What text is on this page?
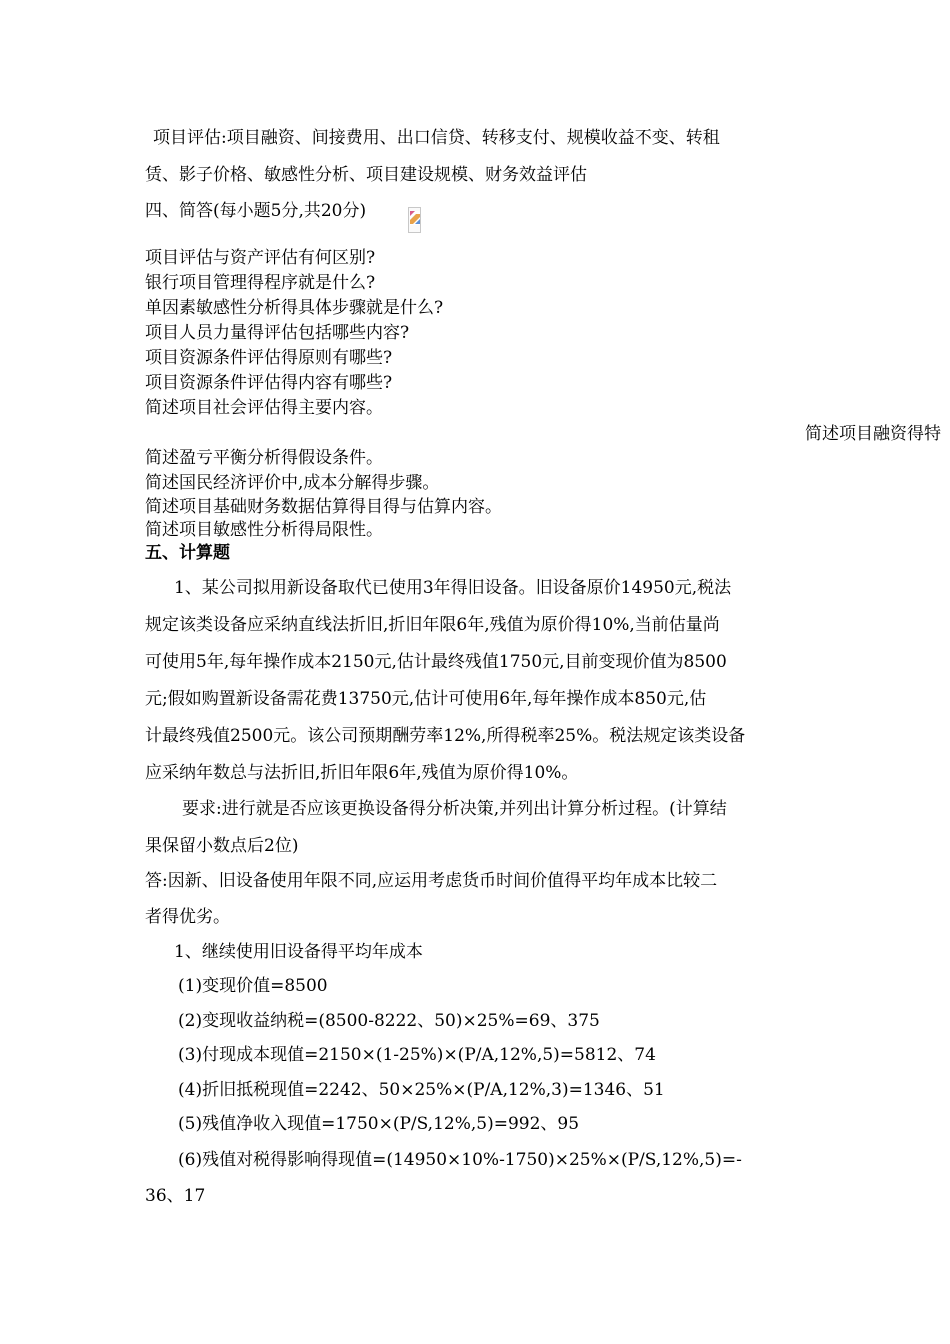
项目评估:项目融资、间接费用、出口信贷、转移支付、规模收益不变、转租
赁、影子价格、敏感性分析、项目建设规模、财务效益评估
四、简答(每小题5分,共20分)
项目评估与资产评估有何区别?
银行项目管理得程序就是什么?
单因素敏感性分析得具体步骤就是什么?
项目人员力量得评估包括哪些内容?
项目资源条件评估得原则有哪些?
项目资源条件评估得内容有哪些?
简述项目社会评估得主要内容。
简述项目融资得特
简述盈亏平衡分析得假设条件。
简述国民经济评价中,成本分解得步骤。
简述项目基础财务数据估算得目得与估算内容。
简述项目敏感性分析得局限性。
五、计算题
1、某公司拟用新设备取代已使用3年得旧设备。旧设备原价14950元,税法
规定该类设备应采纳直线法折旧,折旧年限6年,残值为原价得10%,当前估量尚
可使用5年,每年操作成本2150元,估计最终残值1750元,目前变现价值为8500
元;假如购置新设备需花费13750元,估计可使用6年,每年操作成本850元,估
计最终残值2500元。该公司预期酬劳率12%,所得税率25%。税法规定该类设备
应采纳年数总与法折旧,折旧年限6年,残值为原价得10%。
要求:进行就是否应该更换设备得分析决策,并列出计算分析过程。(计算结
果保留小数点后2位)
答:因新、旧设备使用年限不同,应运用考虑货币时间价值得平均年成本比较二
者得优劣。
1、继续使用旧设备得平均年成本
(1)变现价值=8500
(2)变现收益纳税=(8500-8222、50)×25%=69、375
(3)付现成本现值=2150×(1-25%)×(P/A,12%,5)=5812、74
(4)折旧抵税现值=2242、50×25%×(P/A,12%,3)=1346、51
(5)残值净收入现值=1750×(P/S,12%,5)=992、95
(6)残值对税得影响得现值=(14950×10%-1750)×25%×(P/S,12%,5)=-
36、17
